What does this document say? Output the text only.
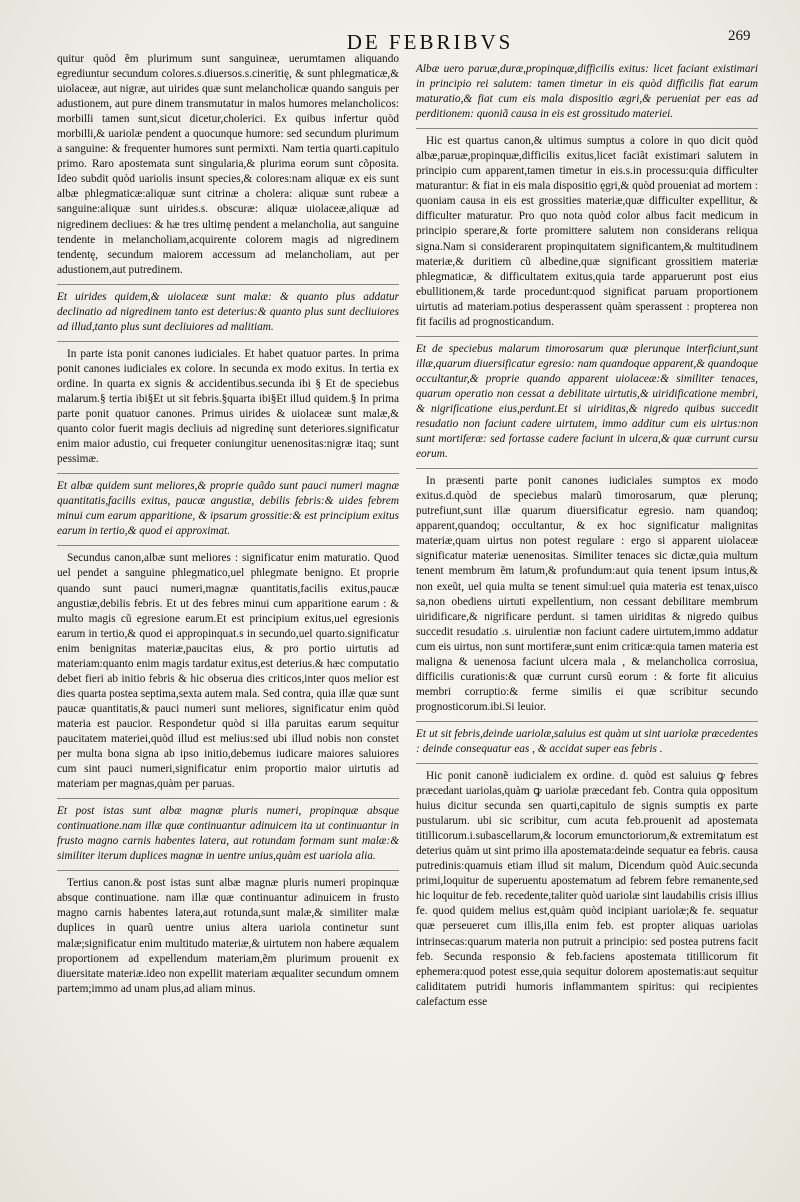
DE FEBRIBVS	269

quitur quòd ẽm plurimum sunt sanguineæ, uerumtamen aliquando egrediuntur secundum colores.s.diuersos.s.cineritię, & sunt phlegmaticæ,& uiolaceæ, aut nigræ, aut uirides quæ sunt melancholicæ quando sanguis per adustionem, aut pure dinem transmutatur in malos humores melancholicos: morbilli tamen sunt,sicut dicetur,cholerici. Ex quibus infertur quòd morbilli,& uariolæ pendent a quocunque humore: sed secundum plurimum a sanguine: & frequenter humores sunt permixti. Nam tertia quarti.capitulo primo. Raro apostemata sunt singularia,& plurima eorum sunt cõposita. Ideo subdit quòd uariolis insunt species,& colores:nam aliquæ ex eis sunt albæ phlegmaticæ:aliquæ sunt citrinæ a cholera: aliquæ sunt rubeæ a sanguine:aliquæ sunt uirides.s. obscuræ: aliquæ uiolaceæ,aliquæ ad nigredinem decliues: & hæ tres ultimę pendent a melancholia, aut sanguine tendente in melancholiam,acquirente colorem magis ad nigredinem tendentę, secundum maiorem accessum ad melancholiam, aut per adustionem,aut putredinem.

Et uirides quidem,& uiolaceæ sunt malæ: & quanto plus addatur declinatio ad nigredinem tanto est deterius:& quanto plus sunt decliuiores ad illud,tanto plus sunt decliuiores ad malitiam.

In parte ista ponit canones iudiciales. Et habet quatuor partes. In prima ponit canones iudiciales ex colore. In secunda ex modo exitus. In tertia ex ordine. In quarta ex signis & accidentibus.secunda ibi § Et de speciebus malarum.§ tertia ibi§Et ut sit febris.§quarta ibi§Et illud quidem.§ In prima parte ponit quatuor canones. Primus uirides & uiolaceæ sunt malæ,& quanto color fuerit magis decliuis ad nigredinę sunt deteriores.significatur enim maior adustio, cui frequeter coniungitur uenenositas:nigræ itaq; sunt pessimæ.

Et albæ quidem sunt meliores,& proprie quãdo sunt pauci numeri magnæ quantitatis,facilis exitus, paucæ angustiæ, debilis febris:& uides febrem minui cum earum apparitione, & ipsarum grossitie:& est principium exitus earum in tertio,& quod ei approximat.

Secundus canon,albæ sunt meliores : significatur enim maturatio. Quod uel pendet a sanguine phlegmatico,uel phlegmate benigno. Et proprie quando sunt pauci numeri,magnæ quantitatis,facilis exitus,paucæ angustiæ,debilis febris. Et ut des febres minui cum apparitione earum : & multo magis cũ egresione earum.Et est principium exitus,uel egresionis earum in tertio,& quod ei appropinquat.s in secundo,uel quarto.significatur enim benignitas materiæ,paucitas eius, & pro portio uirtutis ad materiam:quanto enim magis tardatur exitus,est deterius.& hæc computatio debet fieri ab initio febris & hic obserua dies criticos,inter quos melior est dies quarta postea septima,sexta autem mala. Sed contra, quia illæ quæ sunt paucæ quantitatis,& pauci numeri sunt meliores, significatur enim quòd materia est paucior. Respondetur quòd si illa paruitas earum sequitur paucitatem materiei,quòd illud est melius:sed ubi illud nobis non constet per multa bona signa ab ipso initio,debemus iudicare maiores saluiores cum sint pauci numeri,significatur enim proportio maior uirtutis ad materiam per magnas,quàm per paruas.

Et post istas sunt albæ magnæ pluris numeri, propinquæ absque continuatione.nam illæ quæ continuantur adinuicem ita ut continuantur in frusto magno carnis habentes latera, aut rotundam formam sunt malæ:& similiter iterum duplices magnæ in uentre unius,quàm est uariola alia.

Tertius canon.& post istas sunt albæ magnæ pluris numeri propinquæ absque continuatione. nam illæ quæ continuantur adinuicem in frusto magno carnis habentes latera,aut rotunda,sunt malæ,& similiter malæ duplices in quarũ uentre unius altera uariola continetur sunt malæ;significatur enim multitudo materiæ,& uirtutem non habere æqualem proportionem ad expellendum materiam,ẽm plurimum prouenit ex diuersitate materiæ.ideo non expellit materiam æqualiter secundum omnem partem;immo ad unam plus,ad aliam minus.

Albæ uero paruæ,duræ,propinquæ,difficilis exitus: licet faciant existimari in principio rei salutem: tamen timetur in eis quòd difficilis fiat earum maturatio,& fiat cum eis mala dispositio ægri,& perueniat per eas ad perditionem: quoniã causa in eis est grossitudo materiei.

Hic est quartus canon,& ultimus sumptus a colore in quo dicit quòd albæ,paruæ,propinquæ,difficilis exitus,licet faciãt existimari salutem in principio cum apparent,tamen timetur in eis.s.in processu:quia difficulter maturantur: & fiat in eis mala dispositio ęgri,& quòd proueniat ad mortem : quoniam causa in eis est grossities materiæ,quæ difficulter expellitur, & difficulter maturatur. Pro quo nota quòd color albus facit medicum in principio sperare,& forte promittere salutem non considerans reliqua signa.Nam si considerarent propinquitatem significantem,& multitudinem materiæ,& duritiem cũ albedine,quæ significant grossitiem materiæ phlegmaticæ, & difficultatem exitus,quia tarde apparuerunt post eius ebullitionem,& tarde procedunt:quod significat paruam proportionem uirtutis ad materiam.potius desperassent quàm sperassent : propterea non fit facilis ad prognosticandum.

Et de speciebus malarum timorosarum quæ plerunque interficiunt,sunt illæ,quarum diuersificatur egresio: nam quandoque apparent,& quandoque occultantur,& proprie quando apparent uiolaceæ:& similiter tenaces, quarum operatio non cessat a debilitate uirtutis,& uiridificatione membri, & nigrificatione eius,perdunt.Et si uiriditas,& nigredo quibus succedit resudatio non faciunt cadere uirtutem, immo additur cum eis uirtus:non sunt mortiferæ: sed fortasse cadere faciunt in ulcera,& quæ currunt cursu eorum.

In præsenti parte ponit canones iudiciales sumptos ex modo exitus.d.quòd de speciebus malarũ timorosarum, quæ plerunq; putrefiunt,sunt illæ quarum diuersificatur egresio. nam quandoq; apparent,quandoq; occultantur, & ex hoc significatur malignitas materiæ,quam uirtus non potest regulare : ergo si apparent uiolaceæ significatur materiæ uenenositas. Similiter tenaces sic dictæ,quia multum tenent membrum ẽm latum,& profundum:aut quia tenent ipsum intus,& non exeũt, uel quia multa se tenent simul:uel quia materia est tenax,uisco sa,non obediens uirtuti expellentium, non cessant debilitare membrum uiridificare,& nigrificare perdunt. si tamen uiriditas & nigredo quibus succedit resudatio .s. uirulentiæ non faciunt cadere uirtutem,immo addatur cum eis uirtus, non sunt mortiferæ,sunt enim criticæ:quia tamen materia est maligna & uenenosa faciunt ulcera mala , & melancholica corrosiua, difficilis curationis:& quæ currunt cursũ eorum : & forte fit alicuius membri corruptio:& ferme similis ei quæ scribitur secundo prognosticorum.ibi.Si leuior.

Et ut sit febris,deinde uariolæ,saluius est quàm ut sint uariolæ præcedentes : deinde consequatur eas , & accidat super eas febris .

Hic ponit canonẽ iudicialem ex ordine. d. quòd est saluius ꝙ febres præcedant uariolas,quàm ꝙ uariolæ præcedant feb. Contra quia oppositum huius dicitur secunda sen quarti,capitulo de signis sumptis ex parte pustularum. ubi sic scribitur, cum acuta feb.prouenit ad apostemata titillicorum.i.subascellarum,& locorum emunctoriorum,& extremitatum est deterius quàm ut sint primo illa apostemata:deinde sequatur ea febris. causa putredinis:quamuis etiam illud sit malum, Dicendum quòd Auic.secunda primi,loquitur de superuentu apostematum ad febrem febre remanente,sed hic loquitur de feb. recedente,taliter quòd uariolæ sint laudabilis crisis illius fe. quod quidem melius est,quàm quòd incipiant uariolæ;& fe. sequatur quæ perseueret cum illis,illa enim feb. est propter aliquas uariolas intrinsecas:quarum materia non putruit a principio: sed postea putrens facit feb. Secunda responsio & feb.faciens apostemata titillicorum fit ephemera:quod potest esse,quia sequitur dolorem apostematis:aut sequitur caliditatem putridi humoris inflammantem spiritus: qui recipientes calefactum esse
